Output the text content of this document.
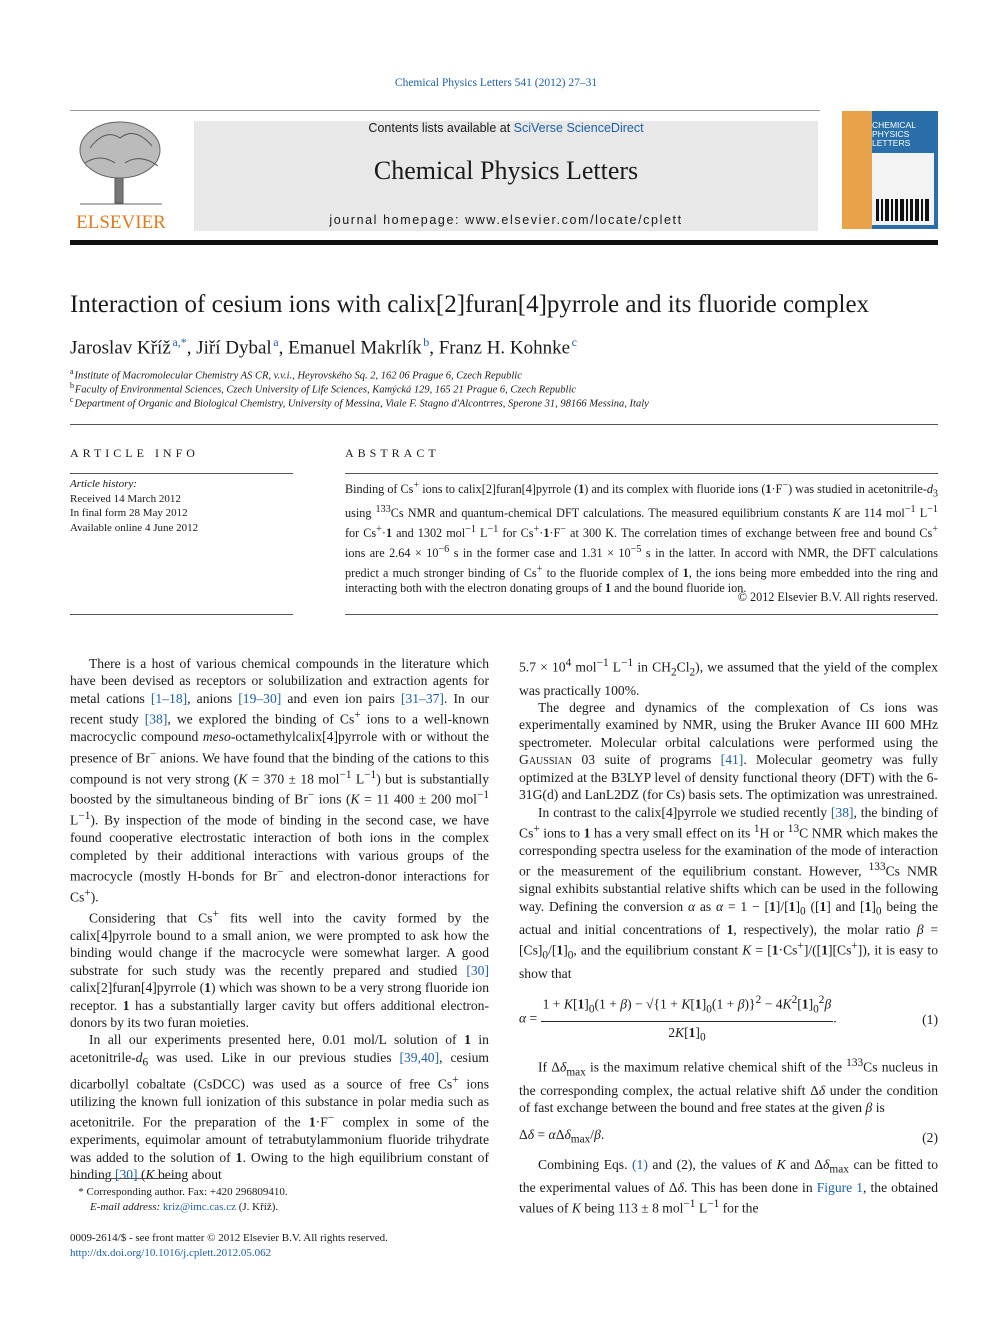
Chemical Physics Letters 541 (2012) 27–31
ELSEVIER
Contents lists available at SciVerse ScienceDirect
Chemical Physics Letters
journal homepage: www.elsevier.com/locate/cplett
CHEMICAL
PHYSICS
LETTERS
Interaction of cesium ions with calix[2]furan[4]pyrrole and its fluoride complex
Jaroslav Kříž  $^{a,*}$, Jiří Dybal  $^a$, Emanuel Makrlík  $^b$, Franz H. Kohnke  $^c$
$^a$ Institute of Macromolecular Chemistry AS CR, v.v.i., Heyrovského Sq. 2, 162 06 Prague 6, Czech Republic
$^b$ Faculty of Environmental Sciences, Czech University of Life Sciences, Kamýcká 129, 165 21 Prague 6, Czech Republic
$^c$ Department of Organic and Biological Chemistry, University of Messina, Viale F. Stagno d'Alcontrres, Sperone 31, 98166 Messina, Italy
ARTICLE INFO
Article history:
Received 14 March 2012
In final form 28 May 2012
Available online 4 June 2012
ABSTRACT
Binding of Cs+ ions to calix[2]furan[4]pyrrole (1) and its complex with fluoride ions (1·F−) was studied in acetonitrile-$d_3$ using $^{133}$Cs NMR and quantum-chemical DFT calculations. The measured equilibrium constants K are 114 mol$^{-1}$ $L^{-1}$ for Cs+·1 and 1302 mol$^{-1}$ $L^{-1}$ for Cs+·1·F− at 300 K. The correlation times of exchange between free and bound Cs+ ions are $2.64 \times 10^{-6}$ s in the former case and $1.31 \times 10^{-5}$ s in the latter. In accord with NMR, the DFT calculations predict a much stronger binding of Cs+ to the fluoride complex of 1, the ions being more embedded into the ring and interacting both with the electron donating groups of 1 and the bound fluoride ion.
© 2012 Elsevier B.V. All rights reserved.

There is a host of various chemical compounds in the literature which have been devised as receptors or solubilization and extraction agents for metal cations [1–18], anions [19–30] and even ion pairs [31–37]. In our recent study [38], we explored the binding of Cs+ ions to a well-known macrocyclic compound meso-octamethylcalix[4]pyrrole with or without the presence of Br− anions. We have found that the binding of the cations to this compound is not very strong (K = 370 ± 18 mol$^{-1}$ $L^{-1}$) but is substantially boosted by the simultaneous binding of Br− ions (K = 11 400 ± 200 mol$^{-1}$ $L^{-1}$). By inspection of the mode of binding in the second case, we have found cooperative electrostatic interaction of both ions in the complex completed by their additional interactions with various groups of the macrocycle (mostly H-bonds for Br− and electron-donor interactions for Cs+).

Considering that Cs+ fits well into the cavity formed by the calix[4]pyrrole bound to a small anion, we were prompted to ask how the binding would change if the macrocycle were somewhat larger. A good substrate for such study was the recently prepared and studied [30] calix[2]furan[4]pyrrole (1) which was shown to be a very strong fluoride ion receptor. 1 has a substantially larger cavity but offers additional electron-donors by its two furan moieties.

In all our experiments presented here, 0.01 mol/L solution of 1 in acetonitrile-$d_6$ was used. Like in our previous studies [39,40], cesium dicarbollyl cobaltate (CsDCC) was used as a source of free Cs+ ions utilizing the known full ionization of this substance in polar media such as acetonitrile. For the preparation of the 1·F− complex in some of the experiments, equimolar amount of tetrabutylammonium fluoride trihydrate was added to the solution of 1. Owing to the high equilibrium constant of binding [30] (K being about

$5.7 \times 10^4$ mol$^{-1}$ $L^{-1}$ in $CH_2Cl_2$), we assumed that the yield of the complex was practically 100%.

The degree and dynamics of the complexation of Cs ions was experimentally examined by NMR, using the Bruker Avance III 600 MHz spectrometer. Molecular orbital calculations were performed using the Gaussian 03 suite of programs [41]. Molecular geometry was fully optimized at the B3LYP level of density functional theory (DFT) with the 6-31G(d) and LanL2DZ (for Cs) basis sets. The optimization was unrestrained.

In contrast to the calix[4]pyrrole we studied recently [38], the binding of Cs+ ions to 1 has a very small effect on its $^1$H or $^{13}$C NMR which makes the corresponding spectra useless for the examination of the mode of interaction or the measurement of the equilibrium constant. However, $^{133}$Cs NMR signal exhibits substantial relative shifts which can be used in the following way. Defining the conversion α as $\alpha = 1 - [1]/[1]_0$ ([1] and $[1]_0$ being the actual and initial concentrations of 1, respectively), the molar ratio $\beta = [Cs]_0/[1]_0$, and the equilibrium constant K = [1·Cs+]/([1][Cs+]), it is easy to show that

$\alpha = \frac{1 + K[1]_0(1 + \beta) - √\{1 + K[1]_0(1 + \beta)\}^2 - 4K^2[1]_0^2\beta}{2K[1]_0}$ .	(1)

If $\Delta\delta_{max}$ is the maximum relative chemical shift of the $^{133}$Cs nucleus in the corresponding complex, the actual relative shift Δδ under the condition of fast exchange between the bound and free states at the given β is

Δδ = αΔδ$_{max}$/β.	(2)

Combining Eqs. (1) and (2), the values of K and $\Delta\delta_{max}$ can be fitted to the experimental values of Δδ. This has been done in Figure 1, the obtained values of K being 113 ± 8 mol$^{-1}$ $L^{-1}$ for the

* Corresponding author. Fax: +420 296809410.
E-mail address: kriz@imc.cas.cz (J. Kříž).
0009-2614/$ - see front matter © 2012 Elsevier B.V. All rights reserved.
http://dx.doi.org/10.1016/j.cplett.2012.05.062
